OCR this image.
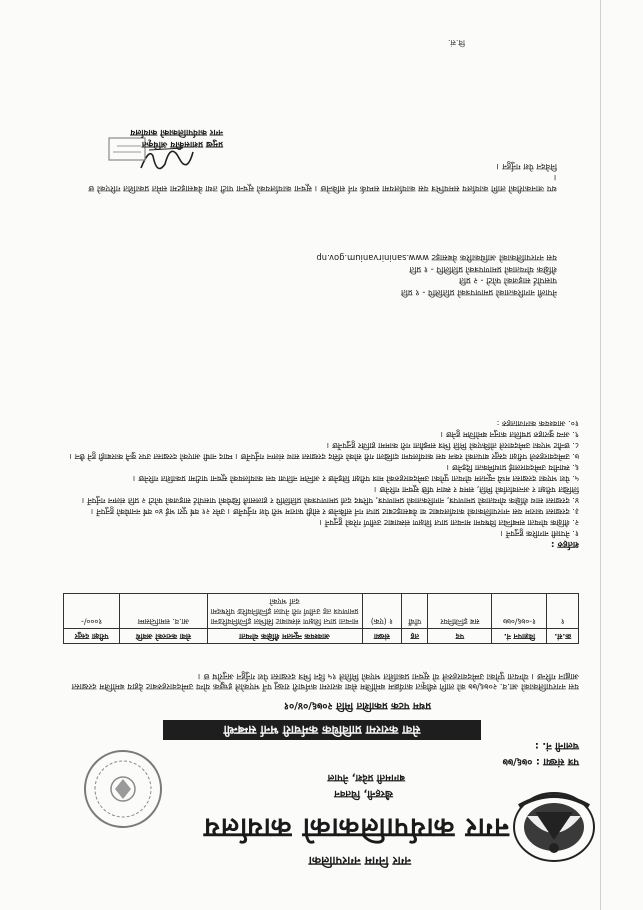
वि.सं.
नगर निगम नगरपालिका
नगर कार्यपालिकाको कार्यालय
खैरहनी, चितवन
बागमती प्रदेश, नेपाल
पत्र संख्या : ०७६/७७
चलानी नं. :
सेवा करारमा प्राविधिक कर्मचारी भर्ना सम्बन्धी
प्रथम पटक प्रकाशित मिति २०७६/०४/०१
यस नगरपालिकाको आ.व. २०७६/७७ को लागि स्वीकृत कार्यक्रम बमोजिम सेवा करारमा कर्मचारी राख्नु पर्ने भएकोले इच्छुक योग्य उम्मेदवारहरुबाट देहाय बमोजिम दरखास्त आह्वान गरिन्छ । योग्यता पुगेका उम्मेदवारहरुले यो सूचना प्रकाशित भएको मितिले १५ दिन भित्र दरखास्त पेश गर्नुहुन अनुरोध छ ।
क्र.सं.	विज्ञापन नं.	पद	तह	संख्या	आवश्यक न्यूनतम शैक्षिक योग्यता	सेवा करारको अवधि	परीक्षा दस्तुर
१	१-०७६/०७७	सब इन्जिनियर	पाँचौं	१ (एक)	मान्यता प्राप्त शिक्षण संस्थाबाट सिभिल इन्जिनियरिङमा प्रमाणपत्र तह उत्तीर्ण गरी नेपाल इन्जिनियरिङ परिषदमा दर्ता भएको	आ.व. समाप्तिसम्म	१०००/-
शर्तहरु :
१. नेपाली नागरिक हुनुपर्ने ।
२. शैक्षिक योग्यता सम्बन्धित विषयमा मान्यता प्राप्त शिक्षण संस्थाबाट उत्तीर्ण गरेको हुनुपर्ने ।
३. दरखास्त फाराम यस नगरपालिकाको कार्यालयबाट वा वेबसाइटबाट प्राप्त गर्न सकिनेछ र सोही फाराम भरी पेश गर्नुपर्नेछ । उमेर २१ वर्ष पूरा भई ४० वर्ष ननाघेको हुनुपर्ने ।
४. दरखास्त साथ शैक्षिक योग्यताको प्रमाणपत्र, नागरिकताको प्रमाणपत्र, परिषद दर्ता प्रमाणपत्रको प्रतिलिपि र हालसालै खिचेको पासपोर्ट साइजको फोटो २ प्रति संलग्न गर्नुपर्ने । लिखित परीक्षा र अन्तर्वार्ताको मिति, समय र स्थान पछि सूचना गरिनेछ ।
५. पेश भएका दरखास्त मध्ये न्यूनतम योग्यता पुगेका उम्मेदवारहरुको मात्र परीक्षा लिइनेछ र अन्तिम नतिजा यस कार्यालयको सूचना पाटीमा प्रकाशित गरिनेछ ।
६. स्थानीय उम्मेदवारलाई प्राथमिकता दिइनेछ ।
७. उम्मेदवारहरुले परीक्षा दस्तुर बापतको रकम यस कार्यालयमा दाखिला गरी सोको रसिद दरखास्त साथ संलग्न गर्नुपर्नेछ । म्याद नाघी आएको दरखास्त उपर कुनै कारबाही हुने छैन ।
८. छनौट भएका उम्मेदवारले तोकिएको मिति भित्र सम्झौता गरी काममा हाजिर हुनुपर्नेछ ।
९. अन्य कुराहरु प्रचलित कानुन बमोजिम हुनेछ ।
१०. आवश्यक कागजातहरु :
नेपाली नागरिकताको प्रमाणपत्रको प्रतिलिपि - १ प्रति
पासपोर्ट साइजको फोटो - २ प्रति
शैक्षिक योग्यताको प्रमाणपत्रको प्रतिलिपि - १ प्रति
यस नगरपालिकाको आधिकारिक वेबसाइट www.saninirvanium.gov.np
थप जानकारीको लागि कार्यालय समयभित्र यस कार्यालयमा सम्पर्क गर्न सकिनेछ । सूचना कार्यालयको सूचना पाटी तथा वेबसाइटमा समेत प्रकाशित गरिएको छ ।
निवेदन पेश गर्नुहुन ।
प्रमुख प्रशासकीय अधिकृत
नगर कार्यपालिकाको कार्यालय
